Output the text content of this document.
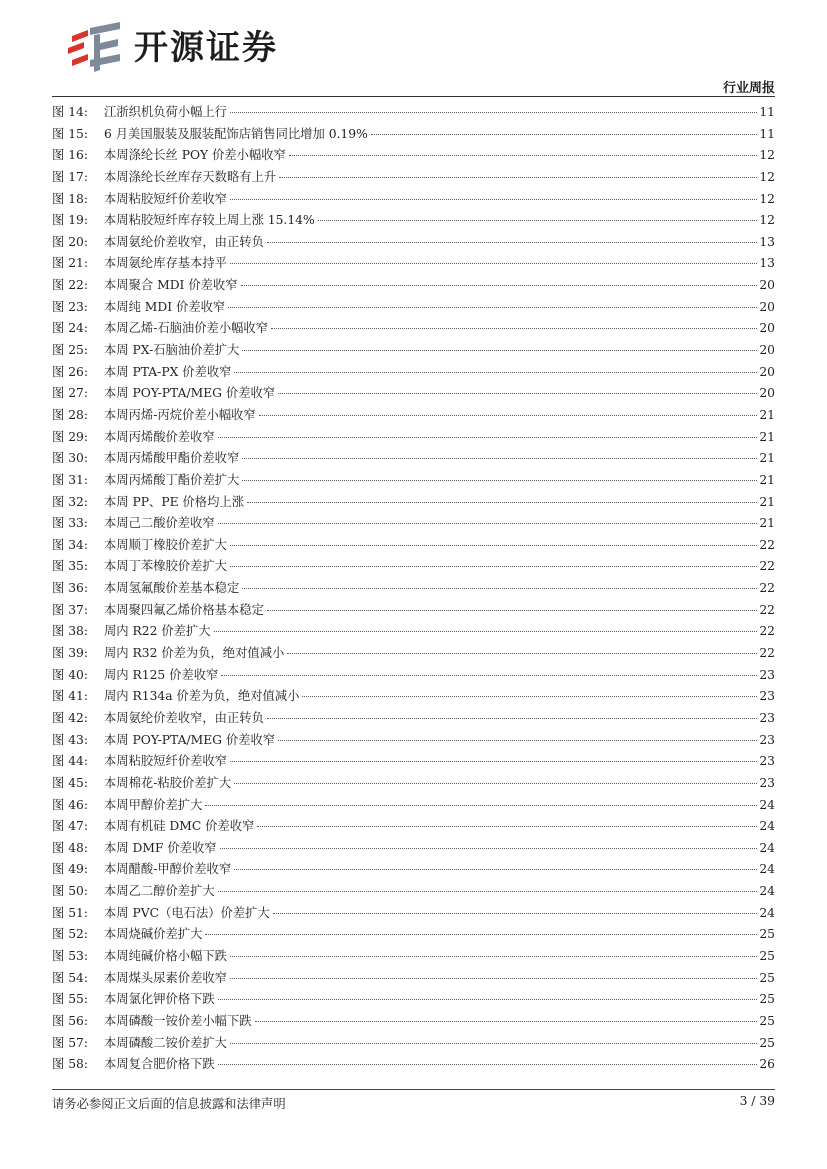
开源证券
行业周报
图 14:	江浙织机负荷小幅上行	11
图 15:	6 月美国服装及服装配饰店销售同比增加 0.19%	11
图 16:	本周涤纶长丝 POY 价差小幅收窄	12
图 17:	本周涤纶长丝库存天数略有上升	12
图 18:	本周粘胶短纤价差收窄	12
图 19:	本周粘胶短纤库存较上周上涨 15.14%	12
图 20:	本周氨纶价差收窄，由正转负	13
图 21:	本周氨纶库存基本持平	13
图 22:	本周聚合 MDI 价差收窄	20
图 23:	本周纯 MDI 价差收窄	20
图 24:	本周乙烯-石脑油价差小幅收窄	20
图 25:	本周 PX-石脑油价差扩大	20
图 26:	本周 PTA-PX 价差收窄	20
图 27:	本周 POY-PTA/MEG 价差收窄	20
图 28:	本周丙烯-丙烷价差小幅收窄	21
图 29:	本周丙烯酸价差收窄	21
图 30:	本周丙烯酸甲酯价差收窄	21
图 31:	本周丙烯酸丁酯价差扩大	21
图 32:	本周 PP、PE 价格均上涨	21
图 33:	本周己二酸价差收窄	21
图 34:	本周顺丁橡胶价差扩大	22
图 35:	本周丁苯橡胶价差扩大	22
图 36:	本周氢氟酸价差基本稳定	22
图 37:	本周聚四氟乙烯价格基本稳定	22
图 38:	周内 R22 价差扩大	22
图 39:	周内 R32 价差为负，绝对值减小	22
图 40:	周内 R125 价差收窄	23
图 41:	周内 R134a 价差为负，绝对值减小	23
图 42:	本周氨纶价差收窄，由正转负	23
图 43:	本周 POY-PTA/MEG 价差收窄	23
图 44:	本周粘胶短纤价差收窄	23
图 45:	本周棉花-粘胶价差扩大	23
图 46:	本周甲醇价差扩大	24
图 47:	本周有机硅 DMC 价差收窄	24
图 48:	本周 DMF 价差收窄	24
图 49:	本周醋酸-甲醇价差收窄	24
图 50:	本周乙二醇价差扩大	24
图 51:	本周 PVC（电石法）价差扩大	24
图 52:	本周烧碱价差扩大	25
图 53:	本周纯碱价格小幅下跌	25
图 54:	本周煤头尿素价差收窄	25
图 55:	本周氯化钾价格下跌	25
图 56:	本周磷酸一铵价差小幅下跌	25
图 57:	本周磷酸二铵价差扩大	25
图 58:	本周复合肥价格下跌	26
请务必参阅正文后面的信息披露和法律声明	3 / 39
